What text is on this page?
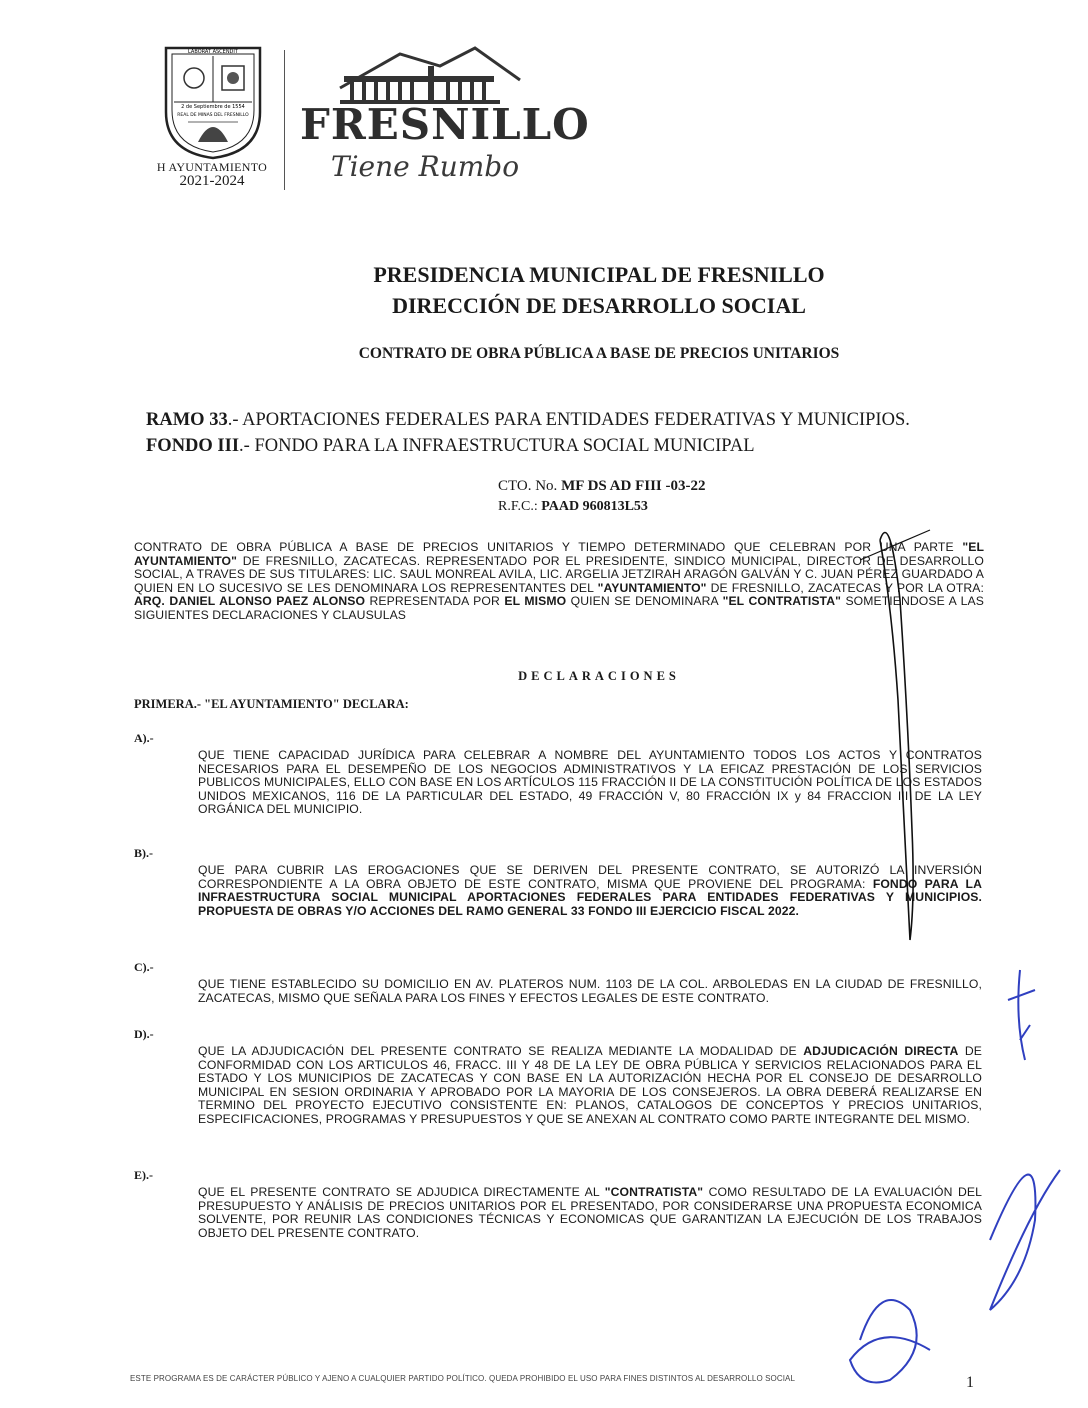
LABORAT ASCENDIT
2 de Septiembre de 1554
REAL DE MINAS DEL FRESNILLO
H AYUNTAMIENTO
2021-2024
FRESNILLO
Tiene Rumbo
PRESIDENCIA MUNICIPAL DE FRESNILLO
DIRECCIÓN DE DESARROLLO SOCIAL
CONTRATO DE OBRA PÚBLICA A BASE DE PRECIOS UNITARIOS
RAMO 33.- APORTACIONES FEDERALES PARA ENTIDADES FEDERATIVAS Y MUNICIPIOS.
FONDO III.- FONDO PARA LA INFRAESTRUCTURA SOCIAL MUNICIPAL
CTO. No. MF DS AD FIII -03-22
R.F.C.: PAAD 960813L53
CONTRATO DE OBRA PÚBLICA A BASE DE PRECIOS UNITARIOS Y TIEMPO DETERMINADO QUE CELEBRAN POR UNA PARTE "EL AYUNTAMIENTO" DE FRESNILLO, ZACATECAS. REPRESENTADO POR EL PRESIDENTE, SINDICO MUNICIPAL, DIRECTOR DE DESARROLLO SOCIAL, A TRAVES DE SUS TITULARES: LIC. SAUL MONREAL AVILA, LIC. ARGELIA JETZIRAH ARAGÓN GALVÁN Y C. JUAN PÉREZ GUARDADO A QUIEN EN LO SUCESIVO SE LES DENOMINARA LOS REPRESENTANTES DEL "AYUNTAMIENTO" DE FRESNILLO, ZACATECAS Y POR LA OTRA: ARQ. DANIEL ALONSO PAEZ ALONSO REPRESENTADA POR EL MISMO QUIEN SE DENOMINARA "EL CONTRATISTA" SOMETIENDOSE A LAS SIGUIENTES DECLARACIONES Y CLAUSULAS
DECLARACIONES
PRIMERA.- "EL AYUNTAMIENTO" DECLARA:
A).-
QUE TIENE CAPACIDAD JURÍDICA PARA CELEBRAR A NOMBRE DEL AYUNTAMIENTO TODOS LOS ACTOS Y CONTRATOS NECESARIOS PARA EL DESEMPEÑO DE LOS NEGOCIOS ADMINISTRATIVOS Y LA EFICAZ PRESTACIÓN DE LOS SERVICIOS PUBLICOS MUNICIPALES, ELLO CON BASE EN LOS ARTÍCULOS 115 FRACCIÓN II DE LA CONSTITUCIÓN POLÍTICA DE LOS ESTADOS UNIDOS MEXICANOS, 116 DE LA PARTICULAR DEL ESTADO, 49 FRACCIÓN V, 80 FRACCIÓN IX y 84 FRACCION III DE LA LEY ORGÁNICA DEL MUNICIPIO.
B).-
QUE PARA CUBRIR LAS EROGACIONES QUE SE DERIVEN DEL PRESENTE CONTRATO, SE AUTORIZÓ LA INVERSIÓN CORRESPONDIENTE A LA OBRA OBJETO DE ESTE CONTRATO, MISMA QUE PROVIENE DEL PROGRAMA: FONDO PARA LA INFRAESTRUCTURA SOCIAL MUNICIPAL APORTACIONES FEDERALES PARA ENTIDADES FEDERATIVAS Y MUNICIPIOS. PROPUESTA DE OBRAS Y/O ACCIONES DEL RAMO GENERAL 33 FONDO III EJERCICIO FISCAL 2022.
C).-
QUE TIENE ESTABLECIDO SU DOMICILIO EN AV. PLATEROS NUM. 1103 DE LA COL. ARBOLEDAS EN LA CIUDAD DE FRESNILLO, ZACATECAS, MISMO QUE SEÑALA PARA LOS FINES Y EFECTOS LEGALES DE ESTE CONTRATO.
D).-
QUE LA ADJUDICACIÓN DEL PRESENTE CONTRATO SE REALIZA MEDIANTE LA MODALIDAD DE ADJUDICACIÓN DIRECTA DE CONFORMIDAD CON LOS ARTICULOS 46, FRACC. III Y 48 DE LA LEY DE OBRA PÚBLICA Y SERVICIOS RELACIONADOS PARA EL ESTADO Y LOS MUNICIPIOS DE ZACATECAS Y CON BASE EN LA AUTORIZACIÓN HECHA POR EL CONSEJO DE DESARROLLO MUNICIPAL EN SESION ORDINARIA Y APROBADO POR LA MAYORIA DE LOS CONSEJEROS. LA OBRA DEBERÁ REALIZARSE EN TERMINO DEL PROYECTO EJECUTIVO CONSISTENTE EN: PLANOS, CATALOGOS DE CONCEPTOS Y PRECIOS UNITARIOS, ESPECIFICACIONES, PROGRAMAS Y PRESUPUESTOS Y QUE SE ANEXAN AL CONTRATO COMO PARTE INTEGRANTE DEL MISMO.
E).-
QUE EL PRESENTE CONTRATO SE ADJUDICA DIRECTAMENTE AL "CONTRATISTA" COMO RESULTADO DE LA EVALUACIÓN DEL PRESUPUESTO Y ANÁLISIS DE PRECIOS UNITARIOS POR EL PRESENTADO, POR CONSIDERARSE UNA PROPUESTA ECONOMICA SOLVENTE, POR REUNIR LAS CONDICIONES TÉCNICAS Y ECONOMICAS QUE GARANTIZAN LA EJECUCIÓN DE LOS TRABAJOS OBJETO DEL PRESENTE CONTRATO.
ESTE PROGRAMA ES DE CARÁCTER PÚBLICO Y AJENO A CUALQUIER PARTIDO POLÍTICO. QUEDA PROHIBIDO EL USO PARA FINES DISTINTOS AL DESARROLLO SOCIAL	1
